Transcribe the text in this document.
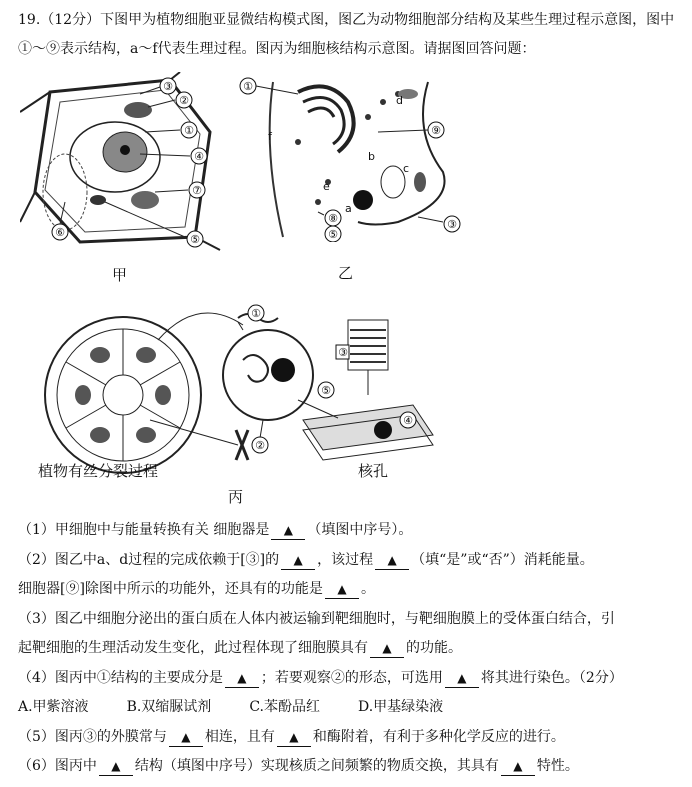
19.（12分）下图甲为植物细胞亚显微结构模式图，图乙为动物细胞部分结构及某些生理过程示意图，图中①～⑨表示结构，a～f代表生理过程。图丙为细胞核结构示意图。请据图回答问题：
③
②
①
④
⑦
⑥
⑤
甲
①
⑨
③
⑧
⑤
d
b
c
f
e
a
乙
①
③
⑤
②
④
植物有丝分裂过程	核孔
丙
（1）甲细胞中与能量转换有关 细胞器是 ▲ （填图中序号）。
（2）图乙中a、d过程的完成依赖于[③]的 ▲ ，该过程 ▲ （填“是”或“否”）消耗能量。
细胞器[⑨]除图中所示的功能外，还具有的功能是 ▲ 。
（3）图乙中细胞分泌出的蛋白质在人体内被运输到靶细胞时，与靶细胞膜上的受体蛋白结合，引
起靶细胞的生理活动发生变化，此过程体现了细胞膜具有 ▲ 的功能。
（4）图丙中①结构的主要成分是 ▲ ；若要观察②的形态，可选用 ▲ 将其进行染色。（2分）
A.甲紫溶液	B.双缩脲试剂	C.苯酚品红	D.甲基绿染液
（5）图丙③的外膜常与 ▲ 相连，且有 ▲ 和酶附着，有利于多种化学反应的进行。
（6）图丙中 ▲ 结构（填图中序号）实现核质之间频繁的物质交换，其具有 ▲ 特性。
